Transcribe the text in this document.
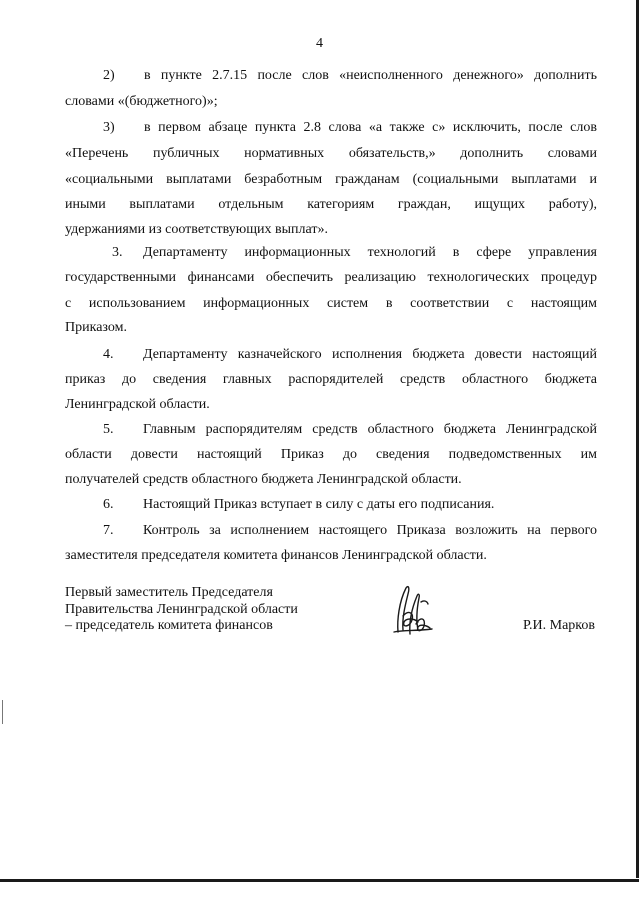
4
2) в пункте 2.7.15 после слов «неисполненного денежного» дополнить
словами «(бюджетного)»;
3) в первом абзаце пункта 2.8 слова «а также с» исключить, после слов
«Перечень публичных нормативных обязательств,» дополнить словами
«социальными выплатами безработным гражданам (социальными выплатами и
иными выплатами отдельным категориям граждан, ищущих работу),
удержаниями из соответствующих выплат».
3. Департаменту информационных технологий в сфере управления
государственными финансами обеспечить реализацию технологических процедур
с использованием информационных систем в соответствии с настоящим
Приказом.
4. Департаменту казначейского исполнения бюджета довести настоящий
приказ до сведения главных распорядителей средств областного бюджета
Ленинградской области.
5. Главным распорядителям средств областного бюджета Ленинградской
области довести настоящий Приказ до сведения подведомственных им
получателей средств областного бюджета Ленинградской области.
6. Настоящий Приказ вступает в силу с даты его подписания.
7. Контроль за исполнением настоящего Приказа возложить на первого
заместителя председателя комитета финансов Ленинградской области.
Первый заместитель Председателя
Правительства Ленинградской области
– председатель комитета финансов	Р.И. Марков
